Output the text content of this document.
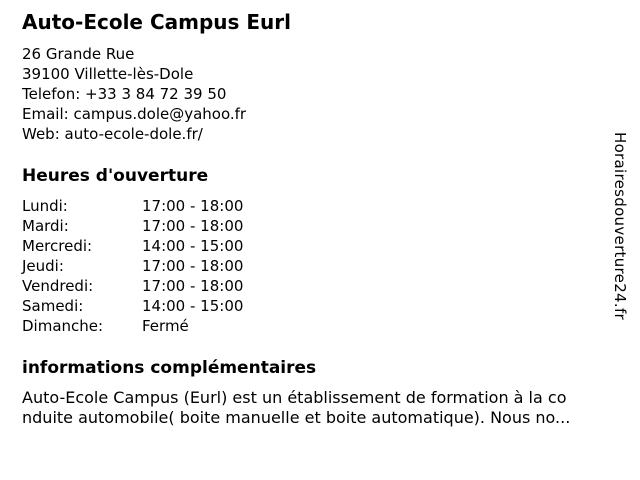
Auto-Ecole Campus Eurl
26 Grande Rue
39100 Villette-lès-Dole
Telefon: +33 3 84 72 39 50
Email: campus.dole@yahoo.fr
Web: auto-ecole-dole.fr/
Heures d'ouverture
Lundi:	17:00 - 18:00
Mardi:	17:00 - 18:00
Mercredi:	14:00 - 15:00
Jeudi:	17:00 - 18:00
Vendredi:	17:00 - 18:00
Samedi:	14:00 - 15:00
Dimanche:	Fermé
informations complémentaires
Auto-Ecole Campus (Eurl) est un établissement de formation à la co
nduite automobile( boite manuelle et boite automatique). Nous no...
Horairesdouverture24.fr
